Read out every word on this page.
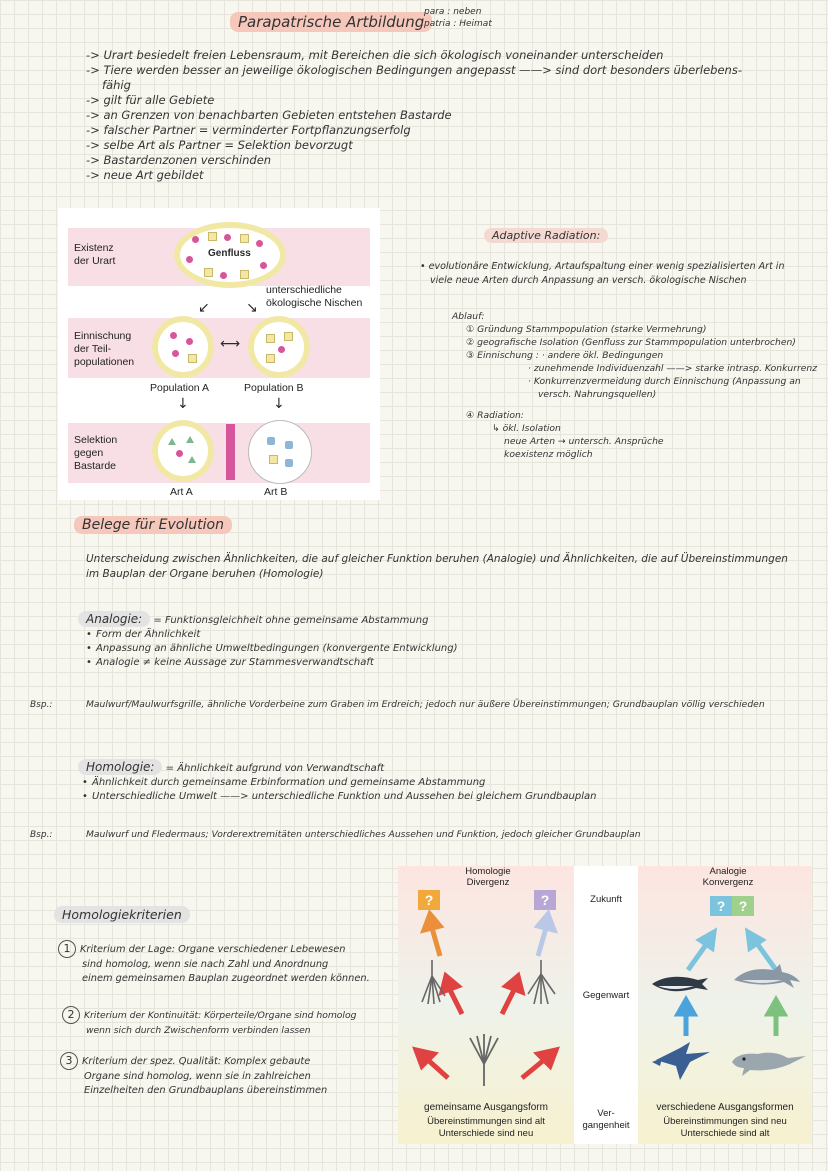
Parapatrische Artbildung
para : neben
patria : Heimat
-> Urart besiedelt freien Lebensraum, mit Bereichen die sich ökologisch voneinander unterscheiden
-> Tiere werden besser an jeweilige ökologischen Bedingungen angepasst ——> sind dort besonders überlebens-
fähig
-> gilt für alle Gebiete
-> an Grenzen von benachbarten Gebieten entstehen Bastarde
-> falscher Partner = verminderter Fortpflanzungserfolg
-> selbe Art als Partner = Selektion bevorzugt
-> Bastardenzonen verschinden
-> neue Art gebildet
Existenz
der Urart
Genfluss
↙	↘
unterschiedliche
ökologische Nischen
Einnischung
der Teil-
populationen
⟷
Population A	Population B
↓	↓
Selektion
gegen
Bastarde
Art A	Art B
Adaptive Radiation:
• evolutionäre Entwicklung, Artaufspaltung einer wenig spezialisierten Art in
viele neue Arten durch Anpassung an versch. ökologische Nischen
Ablauf:
① Gründung Stammpopulation (starke Vermehrung)
② geografische Isolation (Genfluss zur Stammpopulation unterbrochen)
③ Einnischung : · andere ökl. Bedingungen
· zunehmende Individuenzahl ——> starke intrasp. Konkurrenz
· Konkurrenzvermeidung durch Einnischung (Anpassung an
versch. Nahrungsquellen)
④ Radiation:
↳ ökl. Isolation
neue Arten → untersch. Ansprüche
koexistenz möglich
Belege für Evolution
Unterscheidung zwischen Ähnlichkeiten, die auf gleicher Funktion beruhen (Analogie) und Ähnlichkeiten, die auf Übereinstimmungen
im Bauplan der Organe beruhen (Homologie)
Analogie: = Funktionsgleichheit ohne gemeinsame Abstammung
• Form der Ähnlichkeit
• Anpassung an ähnliche Umweltbedingungen (konvergente Entwicklung)
• Analogie ≠ keine Aussage zur Stammesverwandtschaft
Bsp.:	Maulwurf/Maulwurfsgrille, ähnliche Vorderbeine zum Graben im Erdreich; jedoch nur äußere Übereinstimmungen; Grundbauplan völlig verschieden
Homologie: = Ähnlichkeit aufgrund von Verwandtschaft
• Ähnlichkeit durch gemeinsame Erbinformation und gemeinsame Abstammung
• Unterschiedliche Umwelt ——> unterschiedliche Funktion und Aussehen bei gleichem Grundbauplan
Bsp.:	Maulwurf und Fledermaus; Vorderextremitäten unterschiedliches Aussehen und Funktion, jedoch gleicher Grundbauplan
Homologiekriterien
1 Kriterium der Lage: Organe verschiedener Lebewesen
sind homolog, wenn sie nach Zahl und Anordnung
einem gemeinsamen Bauplan zugeordnet werden können.
2 Kriterium der Kontinuität: Körperteile/Organe sind homolog
wenn sich durch Zwischenform verbinden lassen
3 Kriterium der spez. Qualität: Komplex gebaute
Organe sind homolog, wenn sie in zahlreichen
Einzelheiten den Grundbauplans übereinstimmen
Homologie
Divergenz
Analogie
Konvergenz
Zukunft
Gegenwart
Ver-
gangenheit
?	?	? ?
gemeinsame Ausgangsform
Übereinstimmungen sind alt
Unterschiede sind neu
verschiedene Ausgangsformen
Übereinstimmungen sind neu
Unterschiede sind alt
